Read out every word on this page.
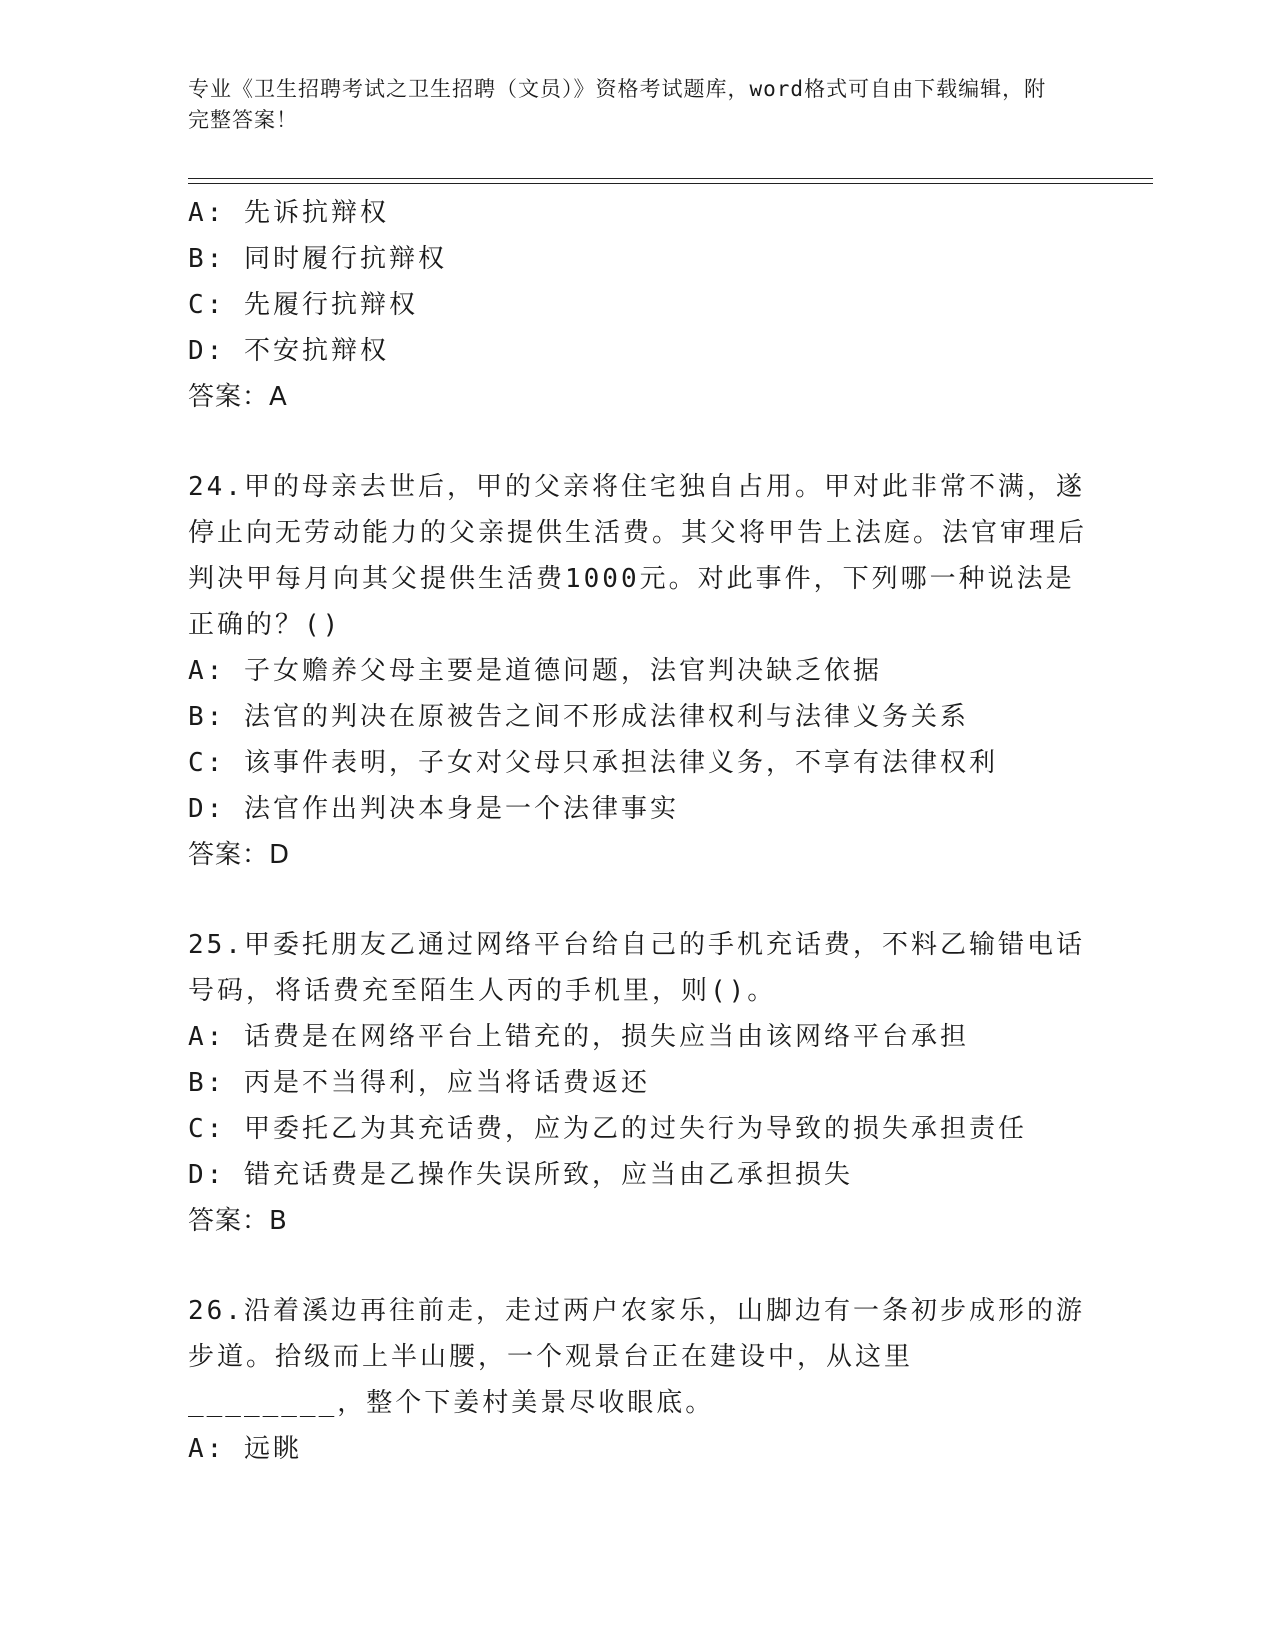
专业《卫生招聘考试之卫生招聘（文员）》资格考试题库，word格式可自由下载编辑，附完整答案！
A: 先诉抗辩权
B: 同时履行抗辩权
C: 先履行抗辩权
D: 不安抗辩权
答案：A
24.甲的母亲去世后，甲的父亲将住宅独自占用。甲对此非常不满，遂停止向无劳动能力的父亲提供生活费。其父将甲告上法庭。法官审理后判决甲每月向其父提供生活费1000元。对此事件，下列哪一种说法是正确的？()
A: 子女赡养父母主要是道德问题，法官判决缺乏依据
B: 法官的判决在原被告之间不形成法律权利与法律义务关系
C: 该事件表明，子女对父母只承担法律义务，不享有法律权利
D: 法官作出判决本身是一个法律事实
答案：D
25.甲委托朋友乙通过网络平台给自己的手机充话费，不料乙输错电话号码，将话费充至陌生人丙的手机里，则()。
A: 话费是在网络平台上错充的，损失应当由该网络平台承担
B: 丙是不当得利，应当将话费返还
C: 甲委托乙为其充话费，应为乙的过失行为导致的损失承担责任
D: 错充话费是乙操作失误所致，应当由乙承担损失
答案：B
26.沿着溪边再往前走，走过两户农家乐，山脚边有一条初步成形的游步道。拾级而上半山腰，一个观景台正在建设中，从这里________，整个下姜村美景尽收眼底。
A: 远眺
